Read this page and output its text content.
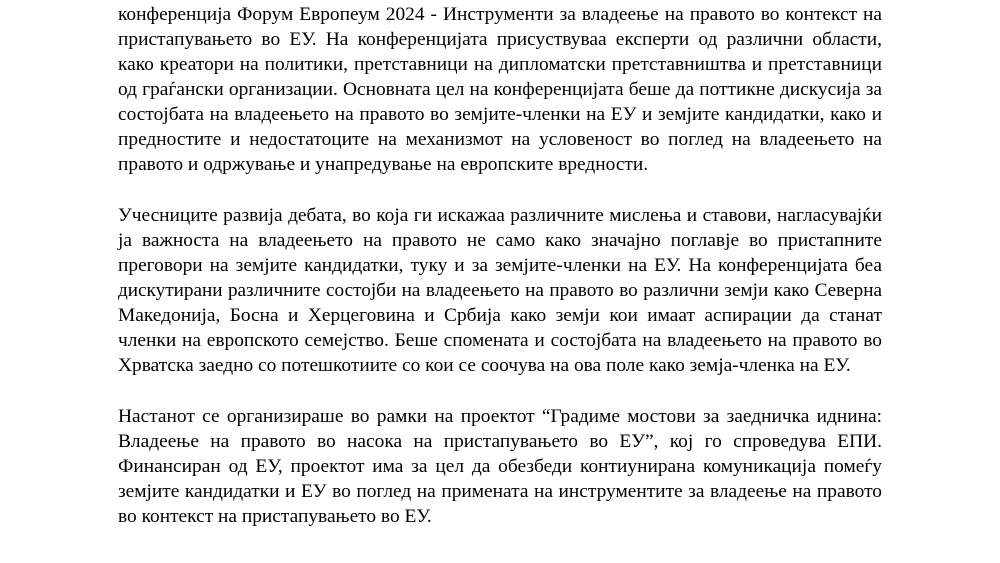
конференција Форум Европеум 2024 - Инструменти за владеење на правото во контекст на
пристапувањето во ЕУ. На конференцијата присуствуваа експерти од различни области,
како креатори на политики, претставници на дипломатски претставништва и претставници
од граѓански организации. Основната цел на конференцијата беше да поттикне дискусија за
состојбата на владеењето на правото во земјите-членки на ЕУ и земјите кандидатки, како и
предностите и недостатоците на механизмот на условеност во поглед на владеењето на
правото и одржување и унапредување на европските вредности.
Учесниците развија дебата, во која ги искажаа различните мислења и ставови, нагласувајќи
ја важноста на владеењето на правото не само како значајно поглавје во пристапните
преговори на земјите кандидатки, туку и за земјите-членки на ЕУ. На конференцијата беа
дискутирани различните состојби на владеењето на правото во различни земји како Северна
Македонија, Босна и Херцеговина и Србија како земји кои имаат аспирации да станат
членки на европското семејство. Беше спомената и состојбата на владеењето на правото во
Хрватска заедно со потешкотиите со кои се соочува на ова поле како земја-членка на ЕУ.
Настанот се организираше во рамки на проектот “Градиме мостови за заедничка иднина:
Владеење на правото во насока на пристапувањето во ЕУ”, кој го спроведува ЕПИ.
Финансиран од ЕУ, проектот има за цел да обезбеди контиунирана комуникација помеѓу
земјите кандидатки и ЕУ во поглед на примената на инструментите за владеење на правото
во контекст на пристапувањето во ЕУ.
